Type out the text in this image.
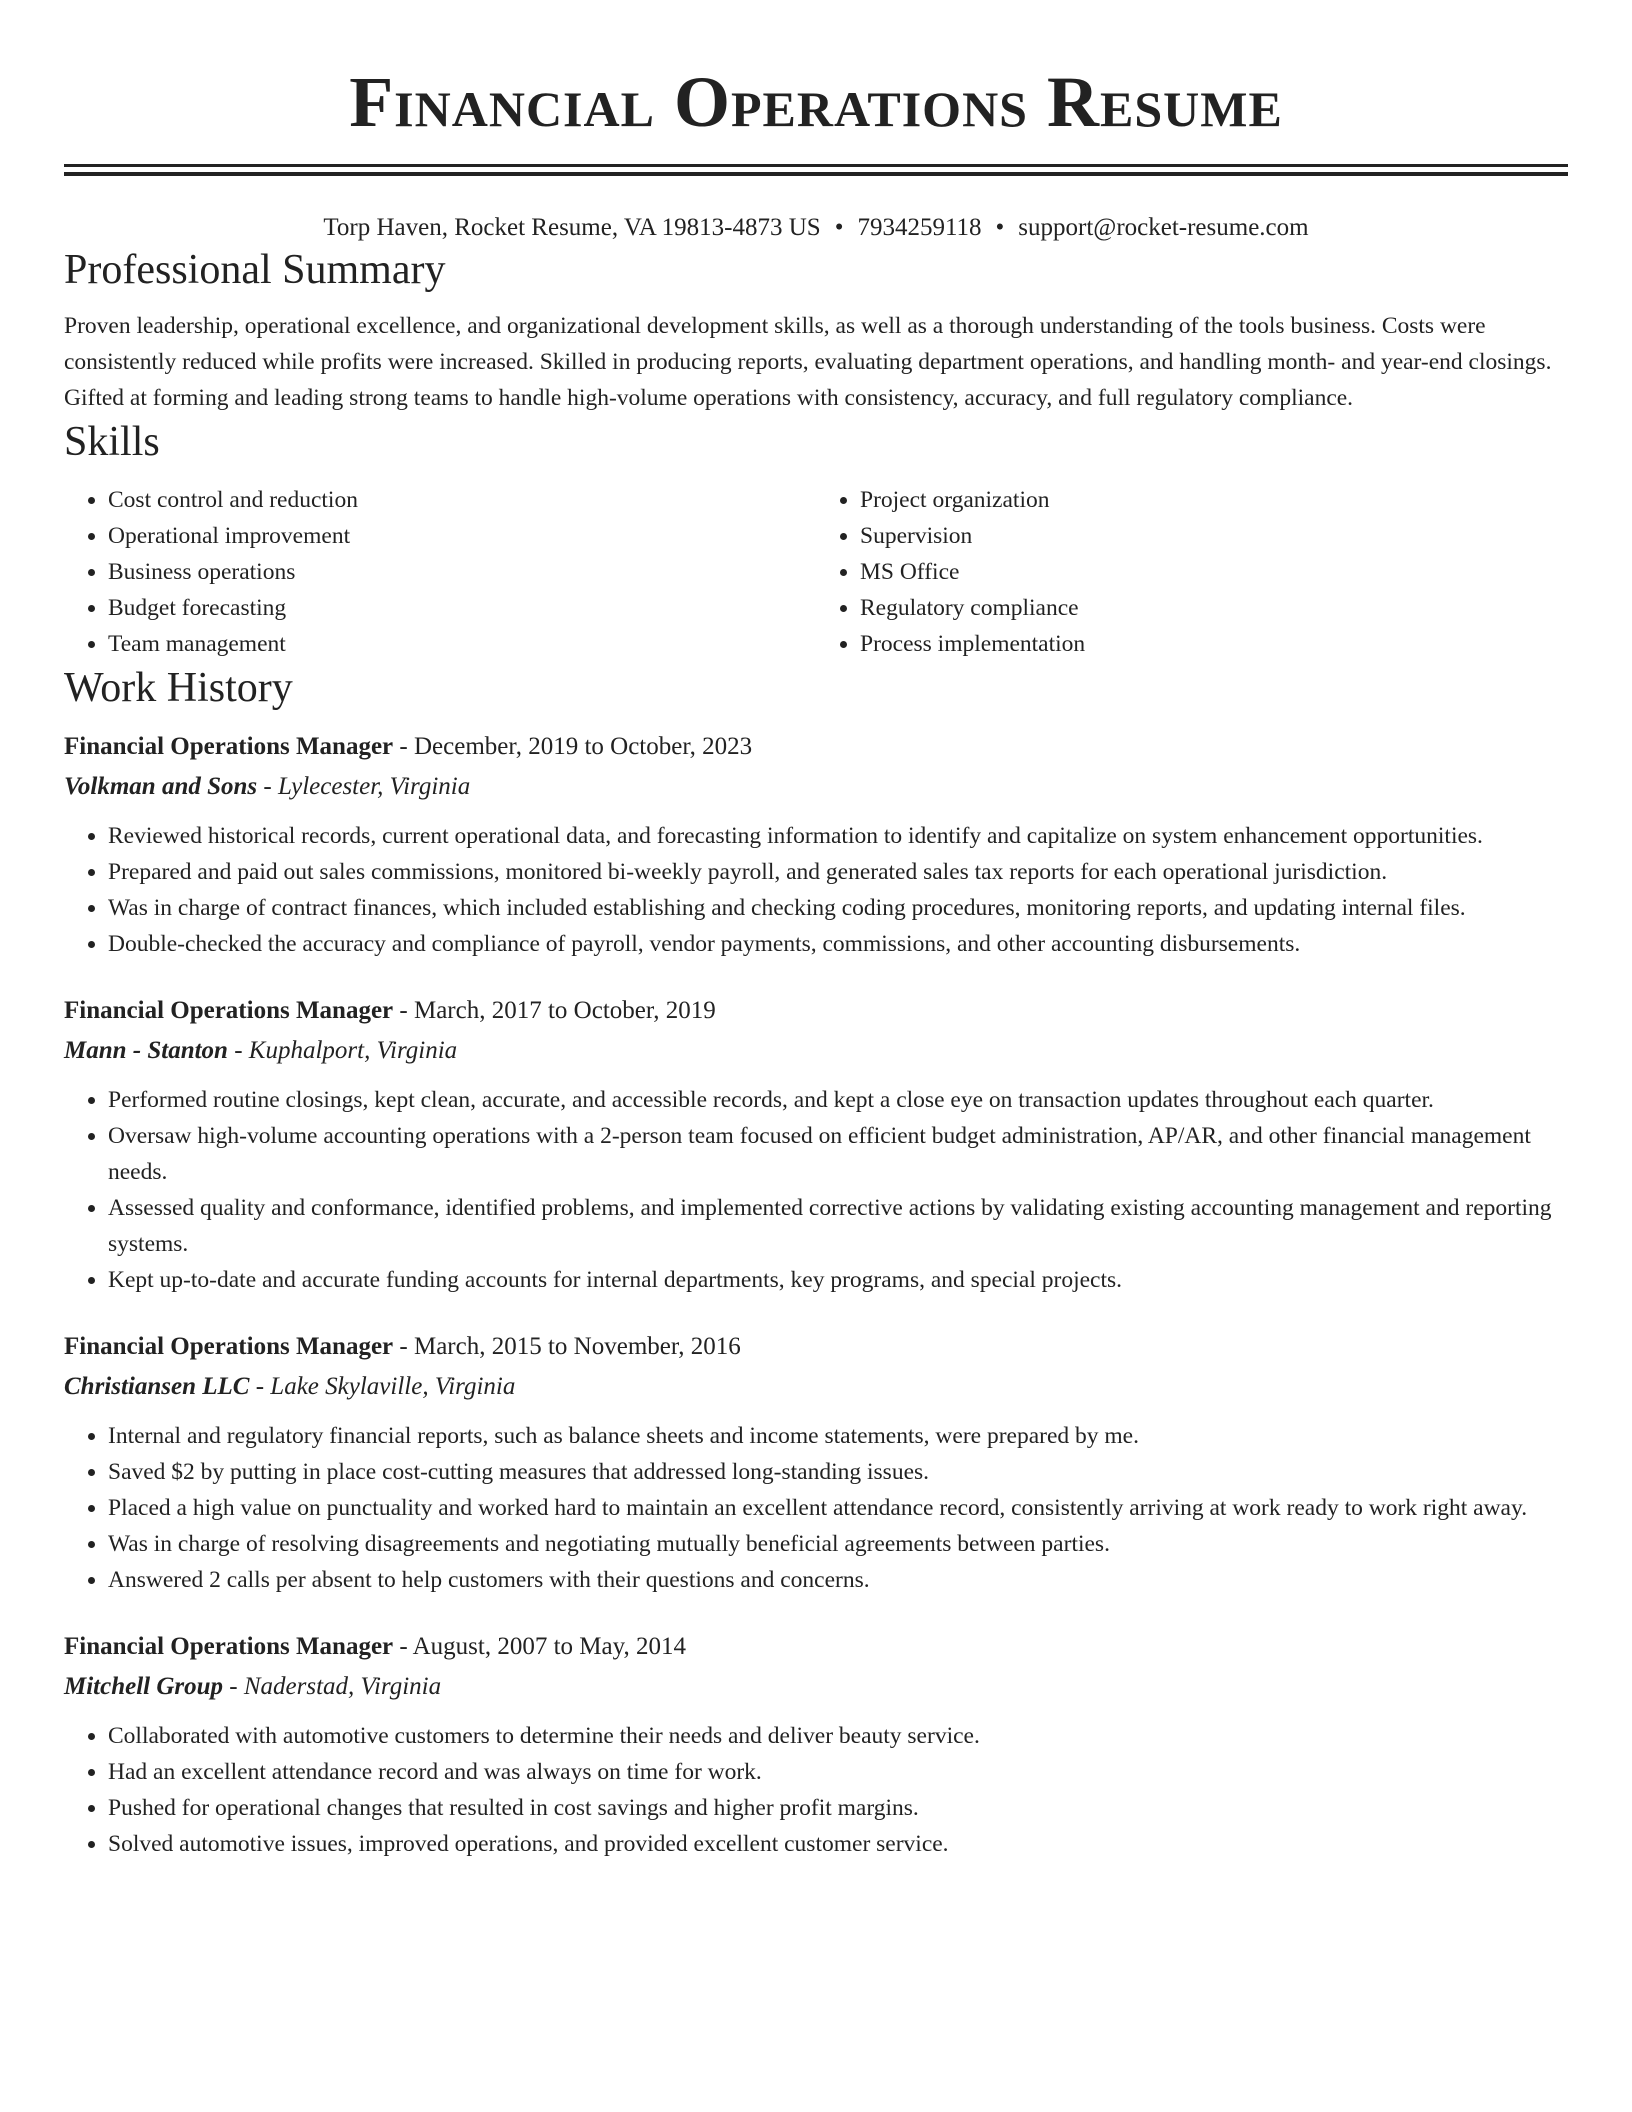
Financial Operations Resume
Torp Haven, Rocket Resume, VA 19813-4873 US • 7934259118 • support@rocket-resume.com
Professional Summary

Proven leadership, operational excellence, and organizational development skills, as well as a thorough understanding of the tools business. Costs were consistently reduced while profits were increased. Skilled in producing reports, evaluating department operations, and handling month- and year-end closings. Gifted at forming and leading strong teams to handle high-volume operations with consistency, accuracy, and full regulatory compliance.

Skills
• Cost control and reduction
• Operational improvement
• Business operations
• Budget forecasting
• Team management
• Project organization
• Supervision
• MS Office
• Regulatory compliance
• Process implementation
Work History
Financial Operations Manager - December, 2019 to October, 2023
Volkman and Sons - Lylecester, Virginia
• Reviewed historical records, current operational data, and forecasting information to identify and capitalize on system enhancement opportunities.
• Prepared and paid out sales commissions, monitored bi-weekly payroll, and generated sales tax reports for each operational jurisdiction.
• Was in charge of contract finances, which included establishing and checking coding procedures, monitoring reports, and updating internal files.
• Double-checked the accuracy and compliance of payroll, vendor payments, commissions, and other accounting disbursements.
Financial Operations Manager - March, 2017 to October, 2019
Mann - Stanton - Kuphalport, Virginia
• Performed routine closings, kept clean, accurate, and accessible records, and kept a close eye on transaction updates throughout each quarter.
• Oversaw high-volume accounting operations with a 2-person team focused on efficient budget administration, AP/AR, and other financial management needs.
• Assessed quality and conformance, identified problems, and implemented corrective actions by validating existing accounting management and reporting systems.
• Kept up-to-date and accurate funding accounts for internal departments, key programs, and special projects.
Financial Operations Manager - March, 2015 to November, 2016
Christiansen LLC - Lake Skylaville, Virginia
• Internal and regulatory financial reports, such as balance sheets and income statements, were prepared by me.
• Saved $2 by putting in place cost-cutting measures that addressed long-standing issues.
• Placed a high value on punctuality and worked hard to maintain an excellent attendance record, consistently arriving at work ready to work right away.
• Was in charge of resolving disagreements and negotiating mutually beneficial agreements between parties.
• Answered 2 calls per absent to help customers with their questions and concerns.
Financial Operations Manager - August, 2007 to May, 2014
Mitchell Group - Naderstad, Virginia
• Collaborated with automotive customers to determine their needs and deliver beauty service.
• Had an excellent attendance record and was always on time for work.
• Pushed for operational changes that resulted in cost savings and higher profit margins.
• Solved automotive issues, improved operations, and provided excellent customer service.
